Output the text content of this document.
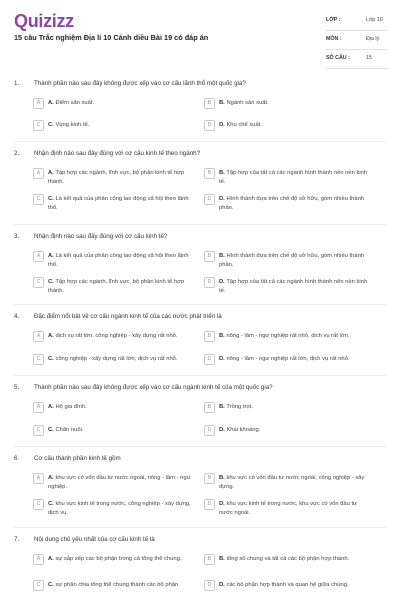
Quizizz
15 câu Trắc nghiệm Địa lí 10 Cánh diều Bài 19 có đáp án
LỚP :	Lớp 10
MÔN :	Địa lý
SỐ CÂU :	15
1. Thành phần nào sau đây không được xếp vào cơ cấu lãnh thổ một quốc gia?
A	A. Điểm sản xuất.	B	B. Ngành sản xuất.
C	C. Vùng kinh tế.	D	D. Khu chế xuất.
2. Nhận định nào sau đây đúng với cơ cấu kinh tế theo ngành?
A	A. Tập hợp các ngành, lĩnh vực, bộ phận kinh tế hợp thành.
B	B. Tập hợp của tất cả các ngành hình thành nên nền kinh tế.
C	C. Là kết quả của phân công lao động xã hội theo lãnh thổ.
D	D. Hình thành dựa trên chế độ sở hữu, gồm nhiều thành phần.
3. Nhận định nào sau đây đúng với cơ cấu kinh tế?
A	A. Là kết quả của phân công lao động xã hội theo lãnh thổ.
B	B. Hình thành dựa trên chế độ sở hữu, gồm nhiều thành phần.
C	C. Tập hợp các ngành, lĩnh vực, bộ phận kinh tế hợp thành.
D	D. Tập hợp của tất cả các ngành hình thành nên nền kinh tế.
4. Đặc điểm nổi bật về cơ cấu ngành kinh tế của các nước phát triển là
A	A. dịch vụ rất lớn, công nghiệp - xây dựng rất nhỏ.	B	B. nông - lâm - ngư nghiệp rất nhỏ, dịch vụ rất lớn.
C	C. công nghiệp - xây dựng rất lớn, dịch vụ rất nhỏ.	D	D. nông - lâm - ngư nghiệp rất lớn, dịch vụ rất nhỏ.
5. Thành phần nào sau đây không được xếp vào cơ cấu ngành kinh tế của một quốc gia?
A	A. Hộ gia đình.	B	B. Trồng trọt.
C	C. Chăn nuôi.	D	D. Khai khoáng.
6. Cơ cấu thành phần kinh tế gồm
A	A. khu vực có vốn đầu tư nước ngoài, nông - lâm - ngư nghiệp.
B	B. khu vực có vốn đầu tư nước ngoài, công nghiệp - xây dựng.
C	C. khu vực kinh tế trong nước, công nghiệp - xây dựng, dịch vụ.
D	D. khu vực kinh tế trong nước, khu vực có vốn đầu tư nước ngoài.
7. Nội dung chủ yếu nhất của cơ cấu kinh tế là
A	A. sự sắp xếp các bộ phận trong cả tổng thể chung.	B	B. tổng số chung và tất cả các bộ phận hợp thành.
C	C. sự phân chia tổng thể chung thành các bộ phận.	D	D. các bộ phận hợp thành và quan hệ giữa chúng.
